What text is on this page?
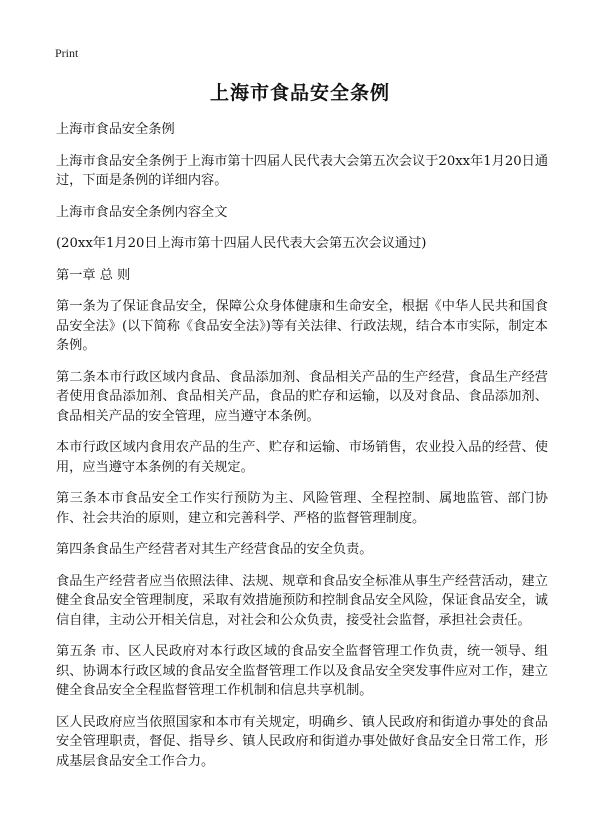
Print
上海市食品安全条例

上海市食品安全条例

上海市食品安全条例于上海市第十四届人民代表大会第五次会议于20xx年1月20日通过，下面是条例的详细内容。

上海市食品安全条例内容全文

(20xx年1月20日上海市第十四届人民代表大会第五次会议通过)

第一章 总 则

第一条为了保证食品安全，保障公众身体健康和生命安全，根据《中华人民共和国食品安全法》(以下简称《食品安全法》)等有关法律、行政法规，结合本市实际，制定本条例。

第二条本市行政区域内食品、食品添加剂、食品相关产品的生产经营，食品生产经营者使用食品添加剂、食品相关产品，食品的贮存和运输，以及对食品、食品添加剂、食品相关产品的安全管理，应当遵守本条例。

本市行政区域内食用农产品的生产、贮存和运输、市场销售，农业投入品的经营、使用，应当遵守本条例的有关规定。

第三条本市食品安全工作实行预防为主、风险管理、全程控制、属地监管、部门协作、社会共治的原则，建立和完善科学、严格的监督管理制度。

第四条食品生产经营者对其生产经营食品的安全负责。

食品生产经营者应当依照法律、法规、规章和食品安全标准从事生产经营活动，建立健全食品安全管理制度，采取有效措施预防和控制食品安全风险，保证食品安全，诚信自律，主动公开相关信息，对社会和公众负责，接受社会监督，承担社会责任。

第五条 市、区人民政府对本行政区域的食品安全监督管理工作负责，统一领导、组织、协调本行政区域的食品安全监督管理工作以及食品安全突发事件应对工作，建立健全食品安全全程监督管理工作机制和信息共享机制。

区人民政府应当依照国家和本市有关规定，明确乡、镇人民政府和街道办事处的食品安全管理职责，督促、指导乡、镇人民政府和街道办事处做好食品安全日常工作，形成基层食品安全工作合力。
